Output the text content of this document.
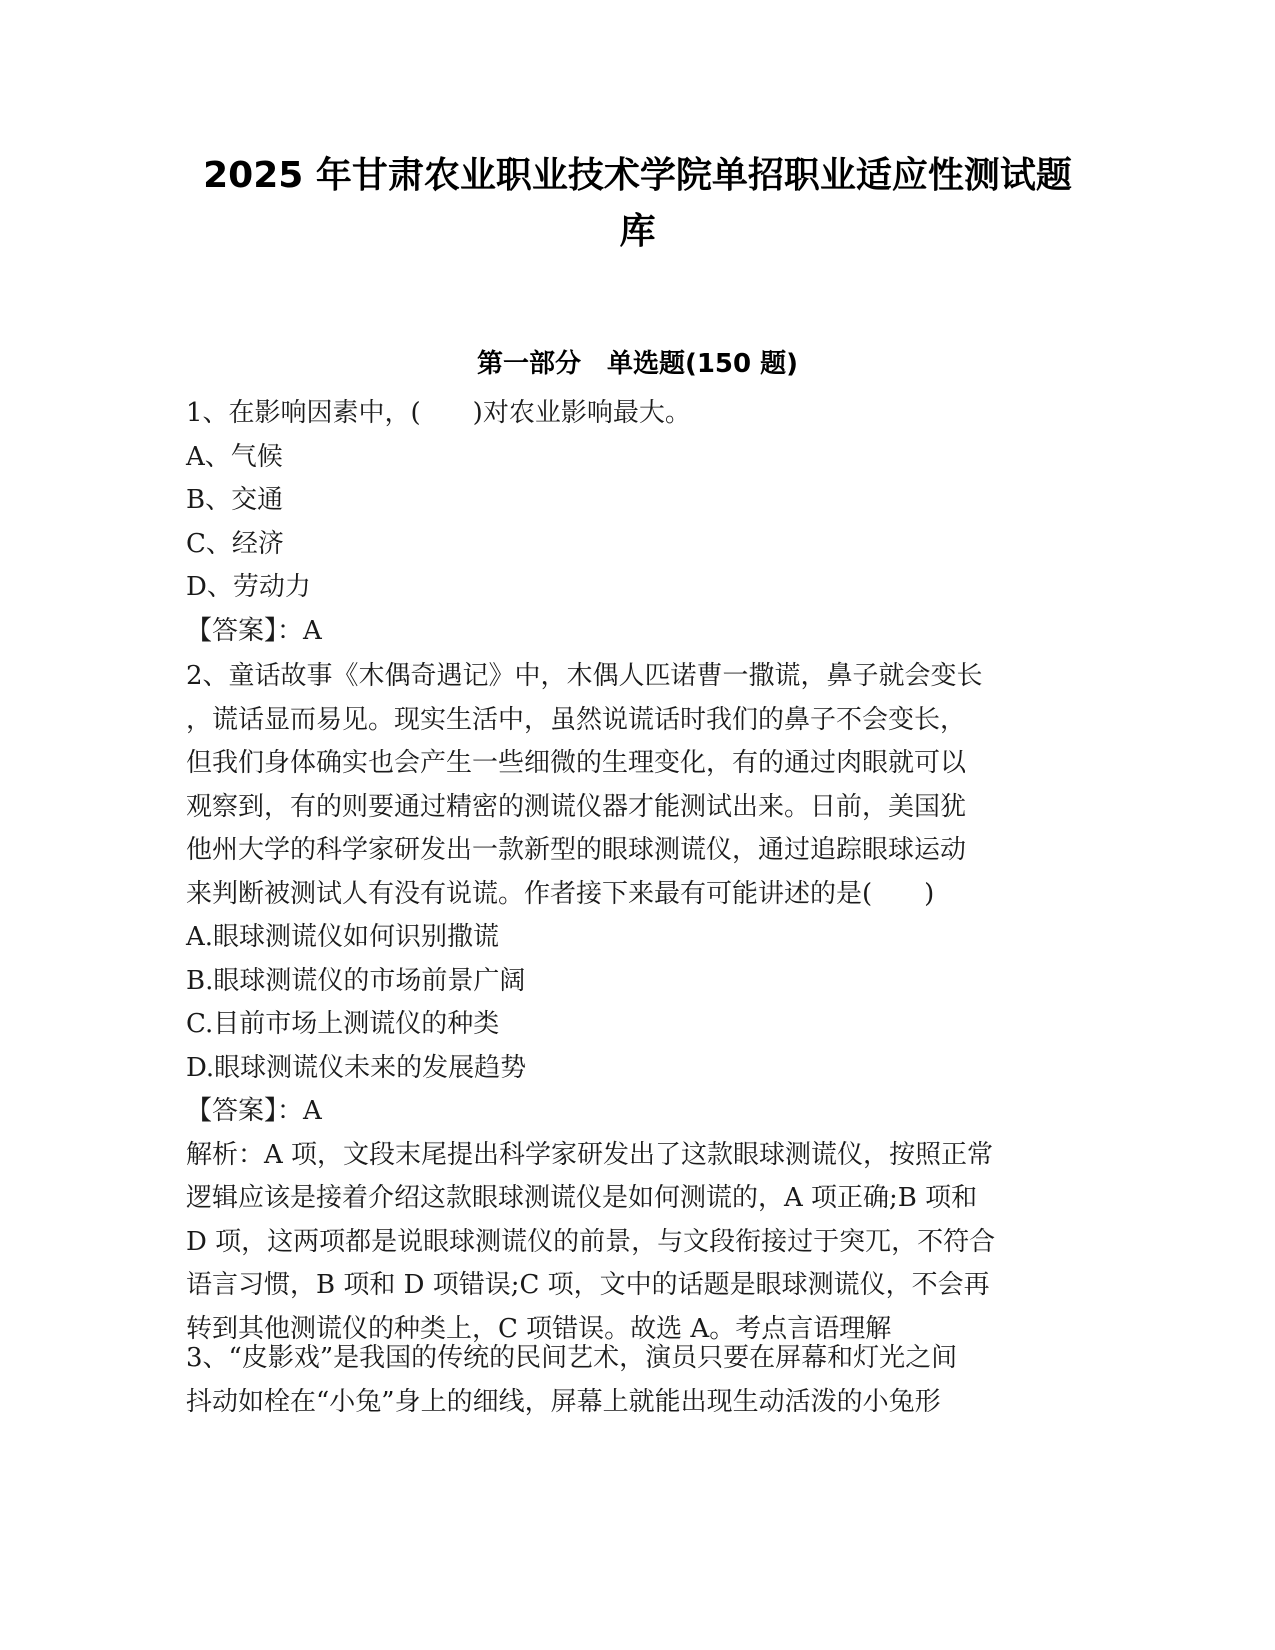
2025 年甘肃农业职业技术学院单招职业适应性测试题
库
第一部分　单选题(150 题)
1、在影响因素中，(　　)对农业影响最大。
A、气候
B、交通
C、经济
D、劳动力
【答案】：A
2、童话故事《木偶奇遇记》中，木偶人匹诺曹一撒谎，鼻子就会变长
，谎话显而易见。现实生活中，虽然说谎话时我们的鼻子不会变长，
但我们身体确实也会产生一些细微的生理变化，有的通过肉眼就可以
观察到，有的则要通过精密的测谎仪器才能测试出来。日前，美国犹
他州大学的科学家研发出一款新型的眼球测谎仪，通过追踪眼球运动
来判断被测试人有没有说谎。作者接下来最有可能讲述的是(　　)
A.眼球测谎仪如何识别撒谎
B.眼球测谎仪的市场前景广阔
C.目前市场上测谎仪的种类
D.眼球测谎仪未来的发展趋势
【答案】：A
解析：A 项，文段末尾提出科学家研发出了这款眼球测谎仪，按照正常
逻辑应该是接着介绍这款眼球测谎仪是如何测谎的，A 项正确;B 项和
D 项，这两项都是说眼球测谎仪的前景，与文段衔接过于突兀，不符合
语言习惯，B 项和 D 项错误;C 项，文中的话题是眼球测谎仪，不会再
转到其他测谎仪的种类上，C 项错误。故选 A。考点言语理解
3、“皮影戏”是我国的传统的民间艺术，演员只要在屏幕和灯光之间
抖动如栓在“小兔”身上的细线，屏幕上就能出现生动活泼的小兔形
